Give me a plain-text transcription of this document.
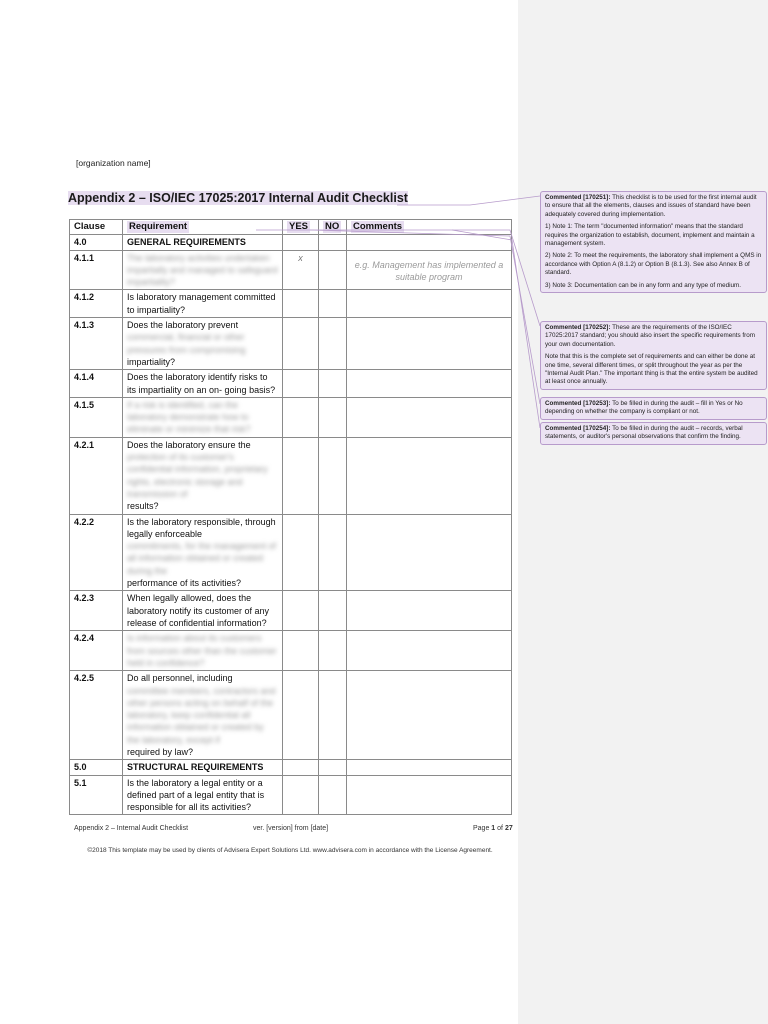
[organization name]
Appendix 2 – ISO/IEC 17025:2017 Internal Audit Checklist
Clause	Requirement	YES	NO	Comments
4.0	GENERAL REQUIREMENTS			
4.1.1	The laboratory activities undertaken impartially and managed to safeguard impartiality?	x		e.g. Management has implemented a suitable program
4.1.2	Is laboratory management committed to impartiality?			
4.1.3	Does the laboratory prevent
commercial, financial or other pressures from compromising
impartiality?			

4.1.4	Does the laboratory identify risks to its impartiality on an on- going basis?			
4.1.5	If a risk is identified, can the laboratory demonstrate how to eliminate or minimize that risk?			
4.2.1	Does the laboratory ensure the
protection of its customer's confidential information, proprietary rights, electronic storage and transmission of
results?			

4.2.2	Is the laboratory responsible, through legally enforceable
commitments, for the management of all information obtained or created during the
performance of its activities?			

4.2.3	When legally allowed, does the laboratory notify its customer of any release of confidential information?			
4.2.4	Is information about its customers from sources other than the customer held in confidence?			
4.2.5	Do all personnel, including
committee members, contractors and other persons acting on behalf of the laboratory, keep confidential all information obtained or created by the laboratory, except if
required by law?			

5.0	STRUCTURAL REQUIREMENTS			
5.1	Is the laboratory a legal entity or a defined part of a legal entity that is responsible for all its activities?			
Appendix 2 – Internal Audit Checklist	ver. [version] from [date]	Page 1 of 27
©2018 This template may be used by clients of Advisera Expert Solutions Ltd. www.advisera.com in accordance with the License Agreement.

Commented [170251]: This checklist is to be used for the first internal audit to ensure that all the elements, clauses and issues of standard have been adequately covered during implementation.

1) Note 1: The term "documented information" means that the standard requires the organization to establish, document, implement and maintain a management system.

2) Note 2: To meet the requirements, the laboratory shall implement a QMS in accordance with Option A (8.1.2) or Option B (8.1.3). See also Annex B of standard.

3) Note 3: Documentation can be in any form and any type of medium.

Commented [170252]: These are the requirements of the ISO/IEC 17025:2017 standard; you should also insert the specific requirements from your own documentation.

Note that this is the complete set of requirements and can either be done at one time, several different times, or split throughout the year as per the "Internal Audit Plan." The important thing is that the entire system be audited at least once annually.

Commented [170253]: To be filled in during the audit – fill in Yes or No depending on whether the company is compliant or not.

Commented [170254]: To be filled in during the audit – records, verbal statements, or auditor's personal observations that confirm the finding.
